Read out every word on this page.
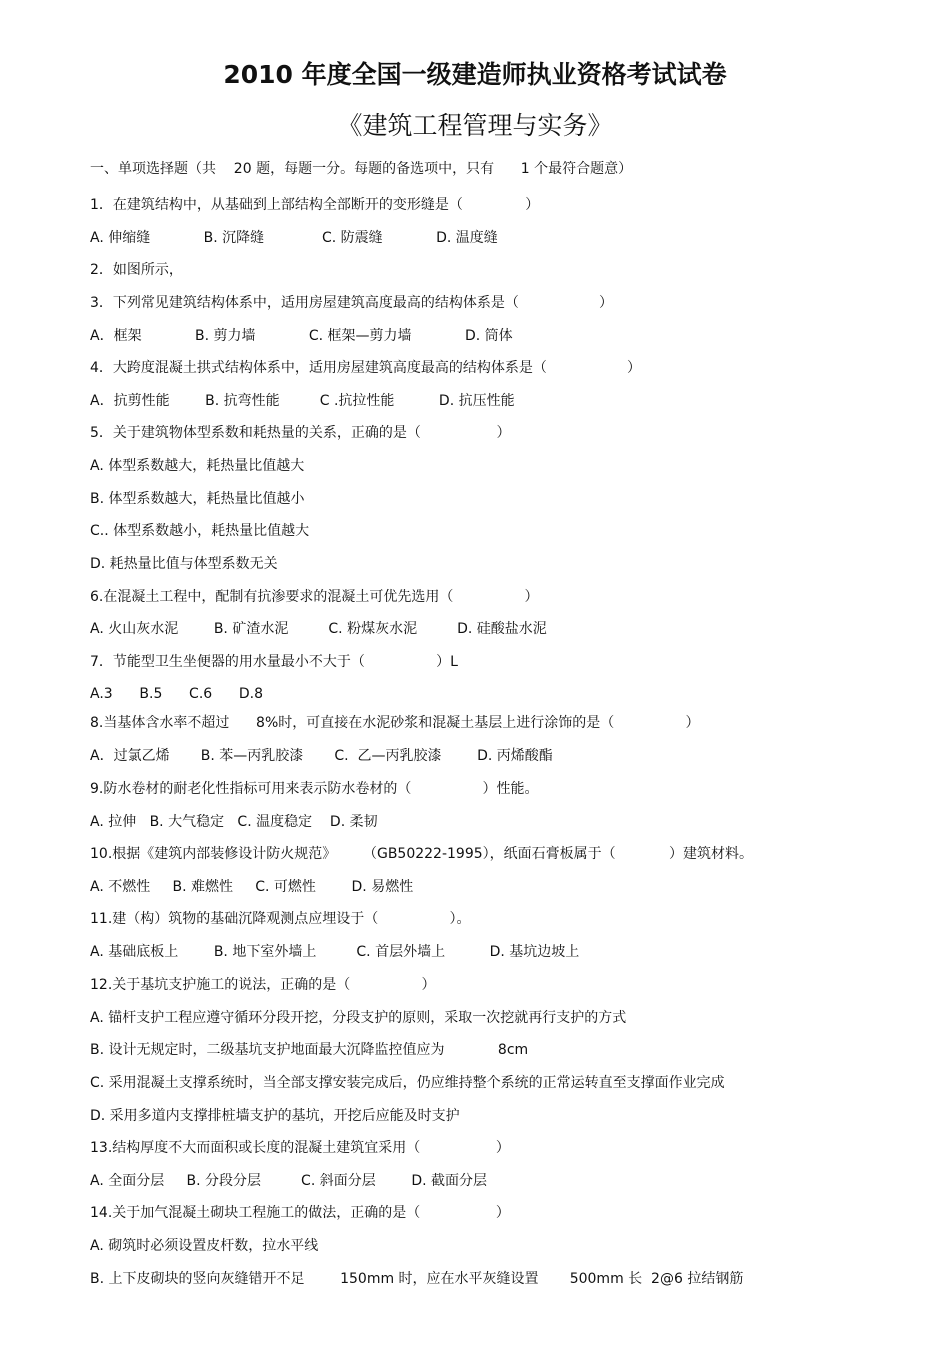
2010 年度全国一级建造师执业资格考试试卷
《建筑工程管理与实务》
一、单项选择题（共    20 题，每题一分。每题的备选项中，只有      1 个最符合题意）
1．在建筑结构中，从基础到上部结构全部断开的变形缝是（              ）
A. 伸缩缝            B. 沉降缝             C. 防震缝            D. 温度缝
2．如图所示，
3．下列常见建筑结构体系中，适用房屋建筑高度最高的结构体系是（                  ）
A．框架            B. 剪力墙            C. 框架—剪力墙            D. 筒体
4．大跨度混凝土拱式结构体系中，适用房屋建筑高度最高的结构体系是（                  ）
A．抗剪性能        B. 抗弯性能         C .抗拉性能          D. 抗压性能
5．关于建筑物体型系数和耗热量的关系，正确的是（                 ）
A. 体型系数越大，耗热量比值越大
B. 体型系数越大，耗热量比值越小
C.. 体型系数越小，耗热量比值越大
D. 耗热量比值与体型系数无关
6.在混凝土工程中，配制有抗渗要求的混凝土可优先选用（                ）
A. 火山灰水泥        B. 矿渣水泥         C. 粉煤灰水泥         D. 硅酸盐水泥
7．节能型卫生坐便器的用水量最小不大于（                ）L
A.3      B.5      C.6      D.8
8.当基体含水率不超过      8%时，可直接在水泥砂浆和混凝土基层上进行涂饰的是（                ）
A．过氯乙烯       B. 苯—丙乳胶漆       C.  乙—丙乳胶漆        D. 丙烯酸酯
9.防水卷材的耐老化性指标可用来表示防水卷材的（                ）性能。
A. 拉伸   B. 大气稳定   C. 温度稳定    D. 柔韧
10.根据《建筑内部装修设计防火规范》      （GB50222-1995），纸面石膏板属于（            ）建筑材料。
A. 不燃性     B. 难燃性     C. 可燃性        D. 易燃性
11.建（构）筑物的基础沉降观测点应埋设于（                ）。
A. 基础底板上        B. 地下室外墙上         C. 首层外墙上          D. 基坑边坡上
12.关于基坑支护施工的说法，正确的是（                ）
A. 锚杆支护工程应遵守循环分段开挖，分段支护的原则，采取一次挖就再行支护的方式
B. 设计无规定时，二级基坑支护地面最大沉降监控值应为            8cm
C. 采用混凝土支撑系统时，当全部支撑安装完成后，仍应维持整个系统的正常运转直至支撑面作业完成
D. 采用多道内支撑排桩墙支护的基坑，开挖后应能及时支护
13.结构厚度不大而面积或长度的混凝土建筑宜采用（                 ）
A. 全面分层     B. 分段分层         C. 斜面分层        D. 截面分层
14.关于加气混凝土砌块工程施工的做法，正确的是（                 ）
A. 砌筑时必须设置皮杆数，拉水平线
B. 上下皮砌块的竖向灰缝错开不足        150mm 时，应在水平灰缝设置       500mm 长  2@6 拉结钢筋
